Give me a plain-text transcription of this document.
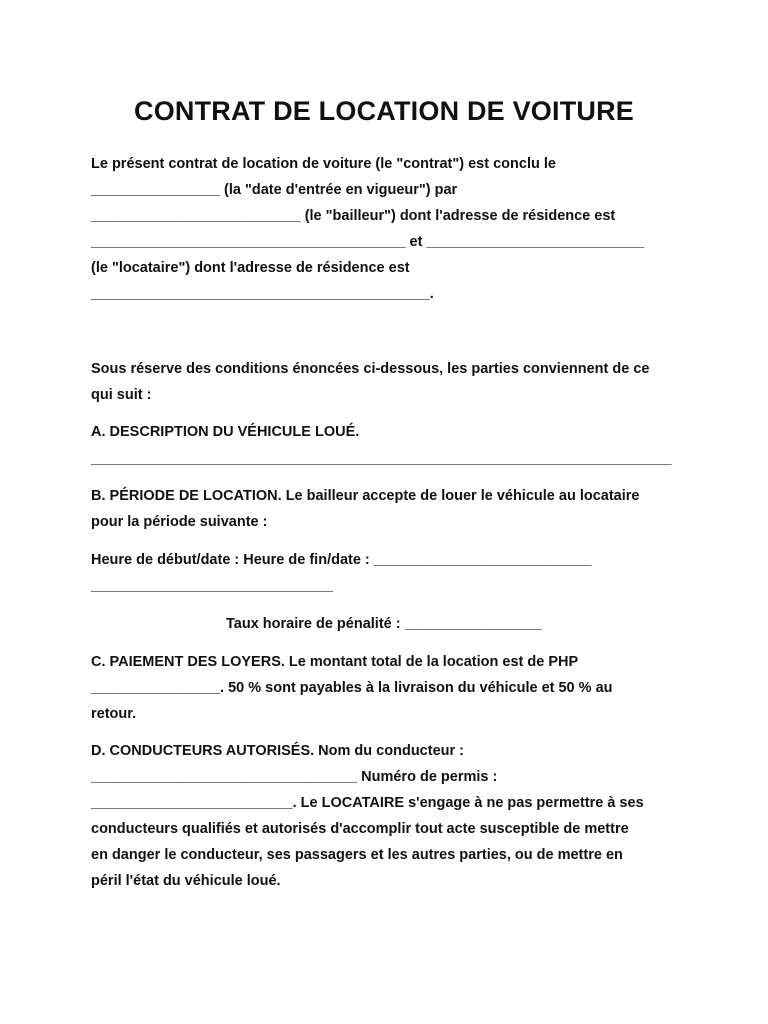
CONTRAT DE LOCATION DE VOITURE
Le présent contrat de location de voiture (le "contrat") est conclu le
________________ (la "date d'entrée en vigueur") par
__________________________ (le "bailleur") dont l'adresse de résidence est
_______________________________________ et ___________________________
(le "locataire") dont l'adresse de résidence est
__________________________________________.
Sous réserve des conditions énoncées ci-dessous, les parties conviennent de ce
qui suit :
A. DESCRIPTION DU VÉHICULE LOUÉ.
________________________________________________________________________
B. PÉRIODE DE LOCATION. Le bailleur accepte de louer le véhicule au locataire
pour la période suivante :
Heure de début/date : Heure de fin/date : ___________________________
______________________________
Taux horaire de pénalité : _________________
C. PAIEMENT DES LOYERS. Le montant total de la location est de PHP
________________. 50 % sont payables à la livraison du véhicule et 50 % au
retour.
D. CONDUCTEURS AUTORISÉS. Nom du conducteur :
_________________________________ Numéro de permis :
_________________________. Le LOCATAIRE s'engage à ne pas permettre à ses
conducteurs qualifiés et autorisés d'accomplir tout acte susceptible de mettre
en danger le conducteur, ses passagers et les autres parties, ou de mettre en
péril l'état du véhicule loué.
